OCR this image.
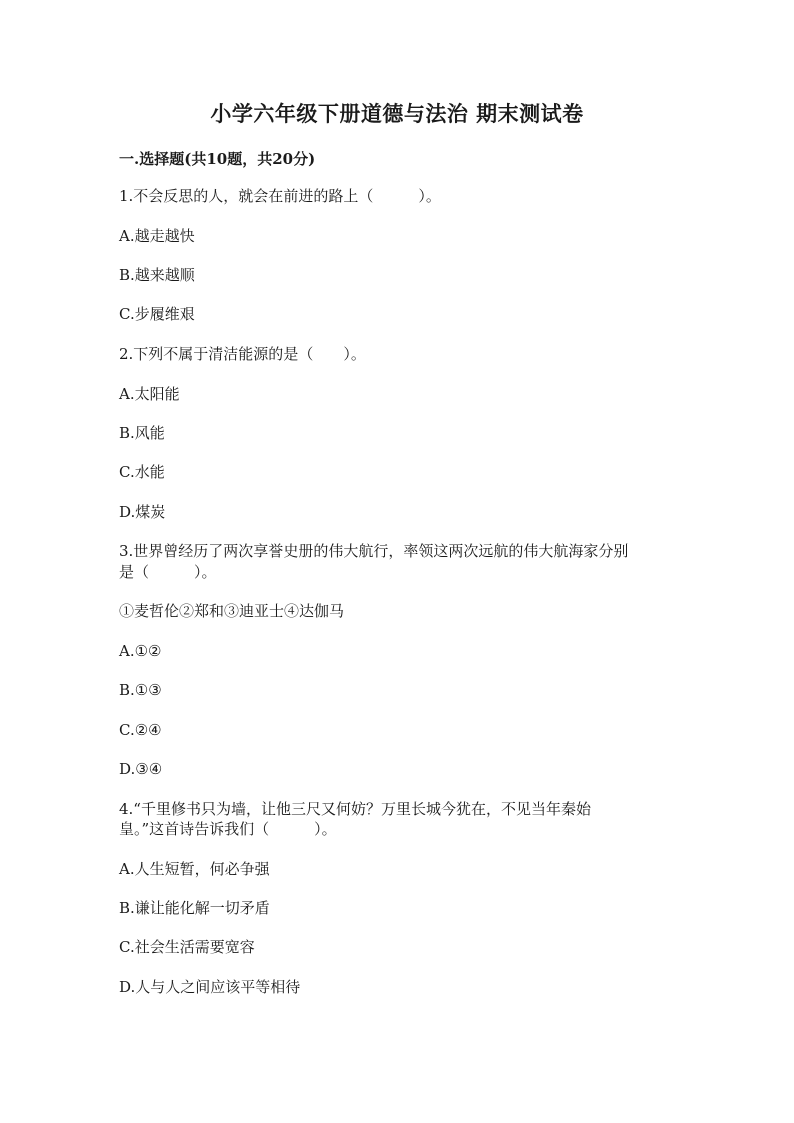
小学六年级下册道德与法治 期末测试卷
一.选择题(共10题，共20分)
1.不会反思的人，就会在前进的路上（　　　）。
A.越走越快
B.越来越顺
C.步履维艰
2.下列不属于清洁能源的是（　　）。
A.太阳能
B.风能
C.水能
D.煤炭
3.世界曾经历了两次享誉史册的伟大航行，率领这两次远航的伟大航海家分别
是（　　　）。
①麦哲伦②郑和③迪亚士④达伽马
A.①②
B.①③
C.②④
D.③④
4.“千里修书只为墙，让他三尺又何妨？万里长城今犹在，不见当年秦始
皇。”这首诗告诉我们（　　　）。
A.人生短暂，何必争强
B.谦让能化解一切矛盾
C.社会生活需要宽容
D.人与人之间应该平等相待
